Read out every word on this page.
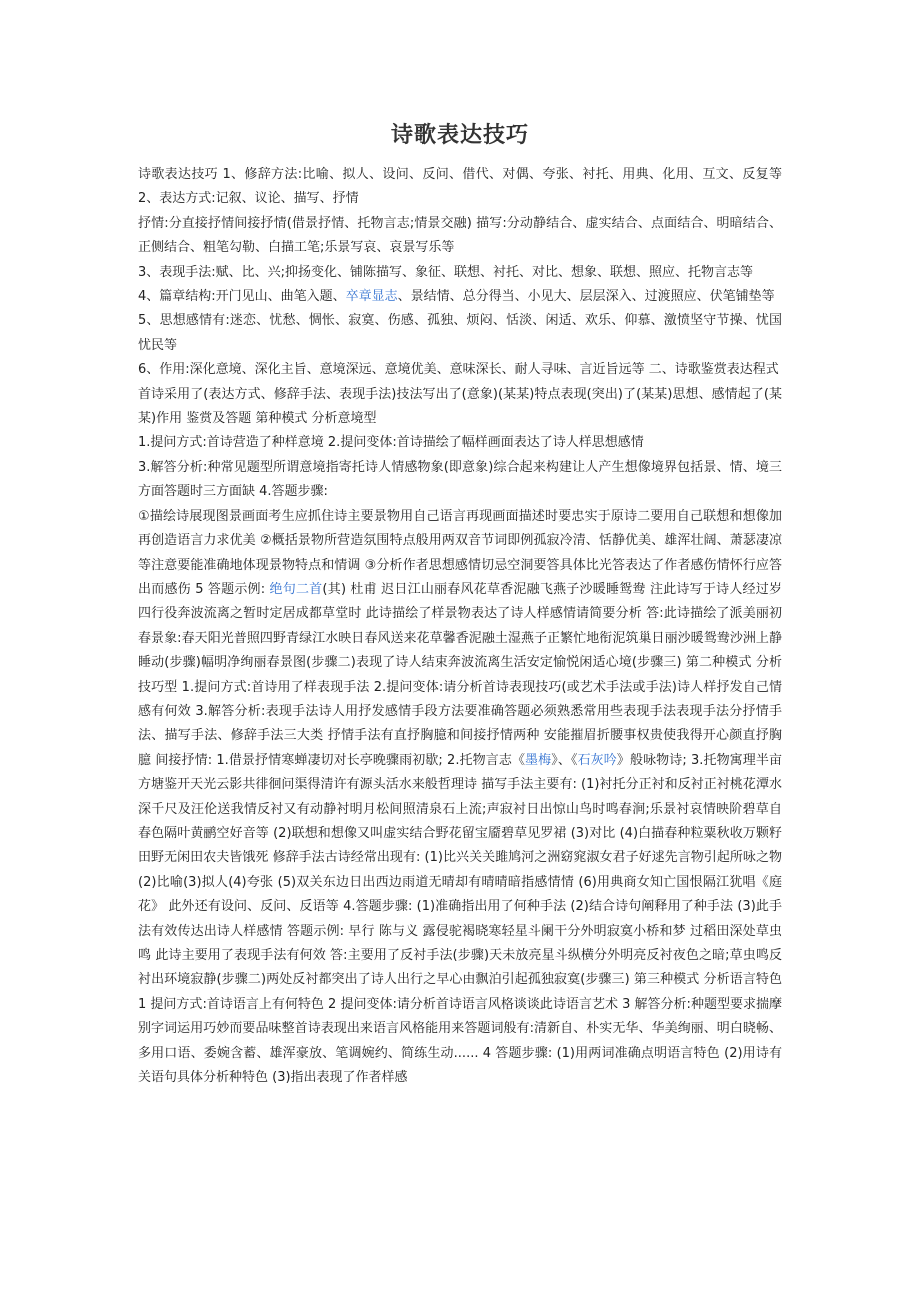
诗歌表达技巧

诗歌表达技巧 1、修辞方法:比喻、拟人、设问、反问、借代、对偶、夸张、衬托、用典、化用、互文、反复等 2、表达方式:记叙、议论、描写、抒情

抒情:分直接抒情间接抒情(借景抒情、托物言志;情景交融) 描写:分动静结合、虚实结合、点面结合、明暗结合、正侧结合、粗笔勾勒、白描工笔;乐景写哀、哀景写乐等

3、表现手法:赋、比、兴;抑扬变化、铺陈描写、象征、联想、衬托、对比、想象、联想、照应、托物言志等

4、篇章结构:开门见山、曲笔入题、卒章显志、景结情、总分得当、小见大、层层深入、过渡照应、伏笔铺垫等

5、思想感情有:迷恋、忧愁、惆怅、寂寞、伤感、孤独、烦闷、恬淡、闲适、欢乐、仰慕、激愤坚守节操、忧国忧民等

6、作用:深化意境、深化主旨、意境深远、意境优美、意味深长、耐人寻味、言近旨远等 二、诗歌鉴赏表达程式

首诗采用了(表达方式、修辞手法、表现手法)技法写出了(意象)(某某)特点表现(突出)了(某某)思想、感情起了(某某)作用 鉴赏及答题 第种模式 分析意境型

1.提问方式:首诗营造了种样意境 2.提问变体:首诗描绘了幅样画面表达了诗人样思想感情

3.解答分析:种常见题型所谓意境指寄托诗人情感物象(即意象)综合起来构建让人产生想像境界包括景、情、境三方面答题时三方面缺 4.答题步骤:

①描绘诗展现图景画面考生应抓住诗主要景物用自己语言再现画面描述时要忠实于原诗二要用自己联想和想像加再创造语言力求优美 ②概括景物所营造氛围特点般用两双音节词即例孤寂冷清、恬静优美、雄浑壮阔、萧瑟凄凉等注意要能准确地体现景物特点和情调 ③分析作者思想感情切忌空洞要答具体比光答表达了作者感伤情怀行应答出而感伤 5 答题示例: 绝句二首(其) 杜甫 迟日江山丽春风花草香泥融飞燕子沙暖睡鸳鸯 注此诗写于诗人经过岁四行役奔波流离之暂时定居成都草堂时 此诗描绘了样景物表达了诗人样感情请简要分析 答:此诗描绘了派美丽初春景象:春天阳光普照四野青绿江水映日春风送来花草馨香泥融土湿燕子正繁忙地衔泥筑巢日丽沙暖鸳鸯沙洲上静睡动(步骤)幅明净绚丽春景图(步骤二)表现了诗人结束奔波流离生活安定愉悦闲适心境(步骤三) 第二种模式 分析技巧型 1.提问方式:首诗用了样表现手法 2.提问变体:请分析首诗表现技巧(或艺术手法或手法)诗人样抒发自己情感有何效 3.解答分析:表现手法诗人用抒发感情手段方法要准确答题必须熟悉常用些表现手法表现手法分抒情手法、描写手法、修辞手法三大类 抒情手法有直抒胸臆和间接抒情两种 安能摧眉折腰事权贵使我得开心颜直抒胸臆 间接抒情: 1.借景抒情寒蝉凄切对长亭晚骤雨初歇; 2.托物言志《墨梅》、《石灰吟》般咏物诗; 3.托物寓理半亩方塘鉴开天光云影共徘徊问渠得清许有源头活水来般哲理诗 描写手法主要有: (1)衬托分正衬和反衬正衬桃花潭水深千尺及汪伦送我情反衬又有动静衬明月松间照清泉石上流;声寂衬日出惊山鸟时鸣春涧;乐景衬哀情映阶碧草自春色隔叶黄鹂空好音等 (2)联想和想像又叫虚实结合野花留宝靥碧草见罗裙 (3)对比 (4)白描春种粒粟秋收万颗籽田野无闲田农夫皆饿死 修辞手法古诗经常出现有: (1)比兴关关雎鸠河之洲窈窕淑女君子好逑先言物引起所咏之物 (2)比喻(3)拟人(4)夸张 (5)双关东边日出西边雨道无晴却有晴晴暗指感情情 (6)用典商女知亡国恨隔江犹唱《庭花》 此外还有设问、反问、反语等 4.答题步骤: (1)准确指出用了何种手法 (2)结合诗句阐释用了种手法 (3)此手法有效传达出诗人样感情 答题示例: 早行 陈与义 露侵驼褐晓寒轻星斗阑干分外明寂寞小桥和梦 过稻田深处草虫鸣 此诗主要用了表现手法有何效 答:主要用了反衬手法(步骤)天未放亮星斗纵横分外明亮反衬夜色之暗;草虫鸣反衬出环境寂静(步骤二)两处反衬都突出了诗人出行之早心由飘泊引起孤独寂寞(步骤三) 第三种模式 分析语言特色 1 提问方式:首诗语言上有何特色 2 提问变体:请分析首诗语言风格谈谈此诗语言艺术 3 解答分析:种题型要求揣摩别字词运用巧妙而要品味整首诗表现出来语言风格能用来答题词般有:清新自、朴实无华、华美绚丽、明白晓畅、多用口语、委婉含蓄、雄浑豪放、笔调婉约、简练生动...... 4 答题步骤: (1)用两词准确点明语言特色 (2)用诗有关语句具体分析种特色 (3)指出表现了作者样感
